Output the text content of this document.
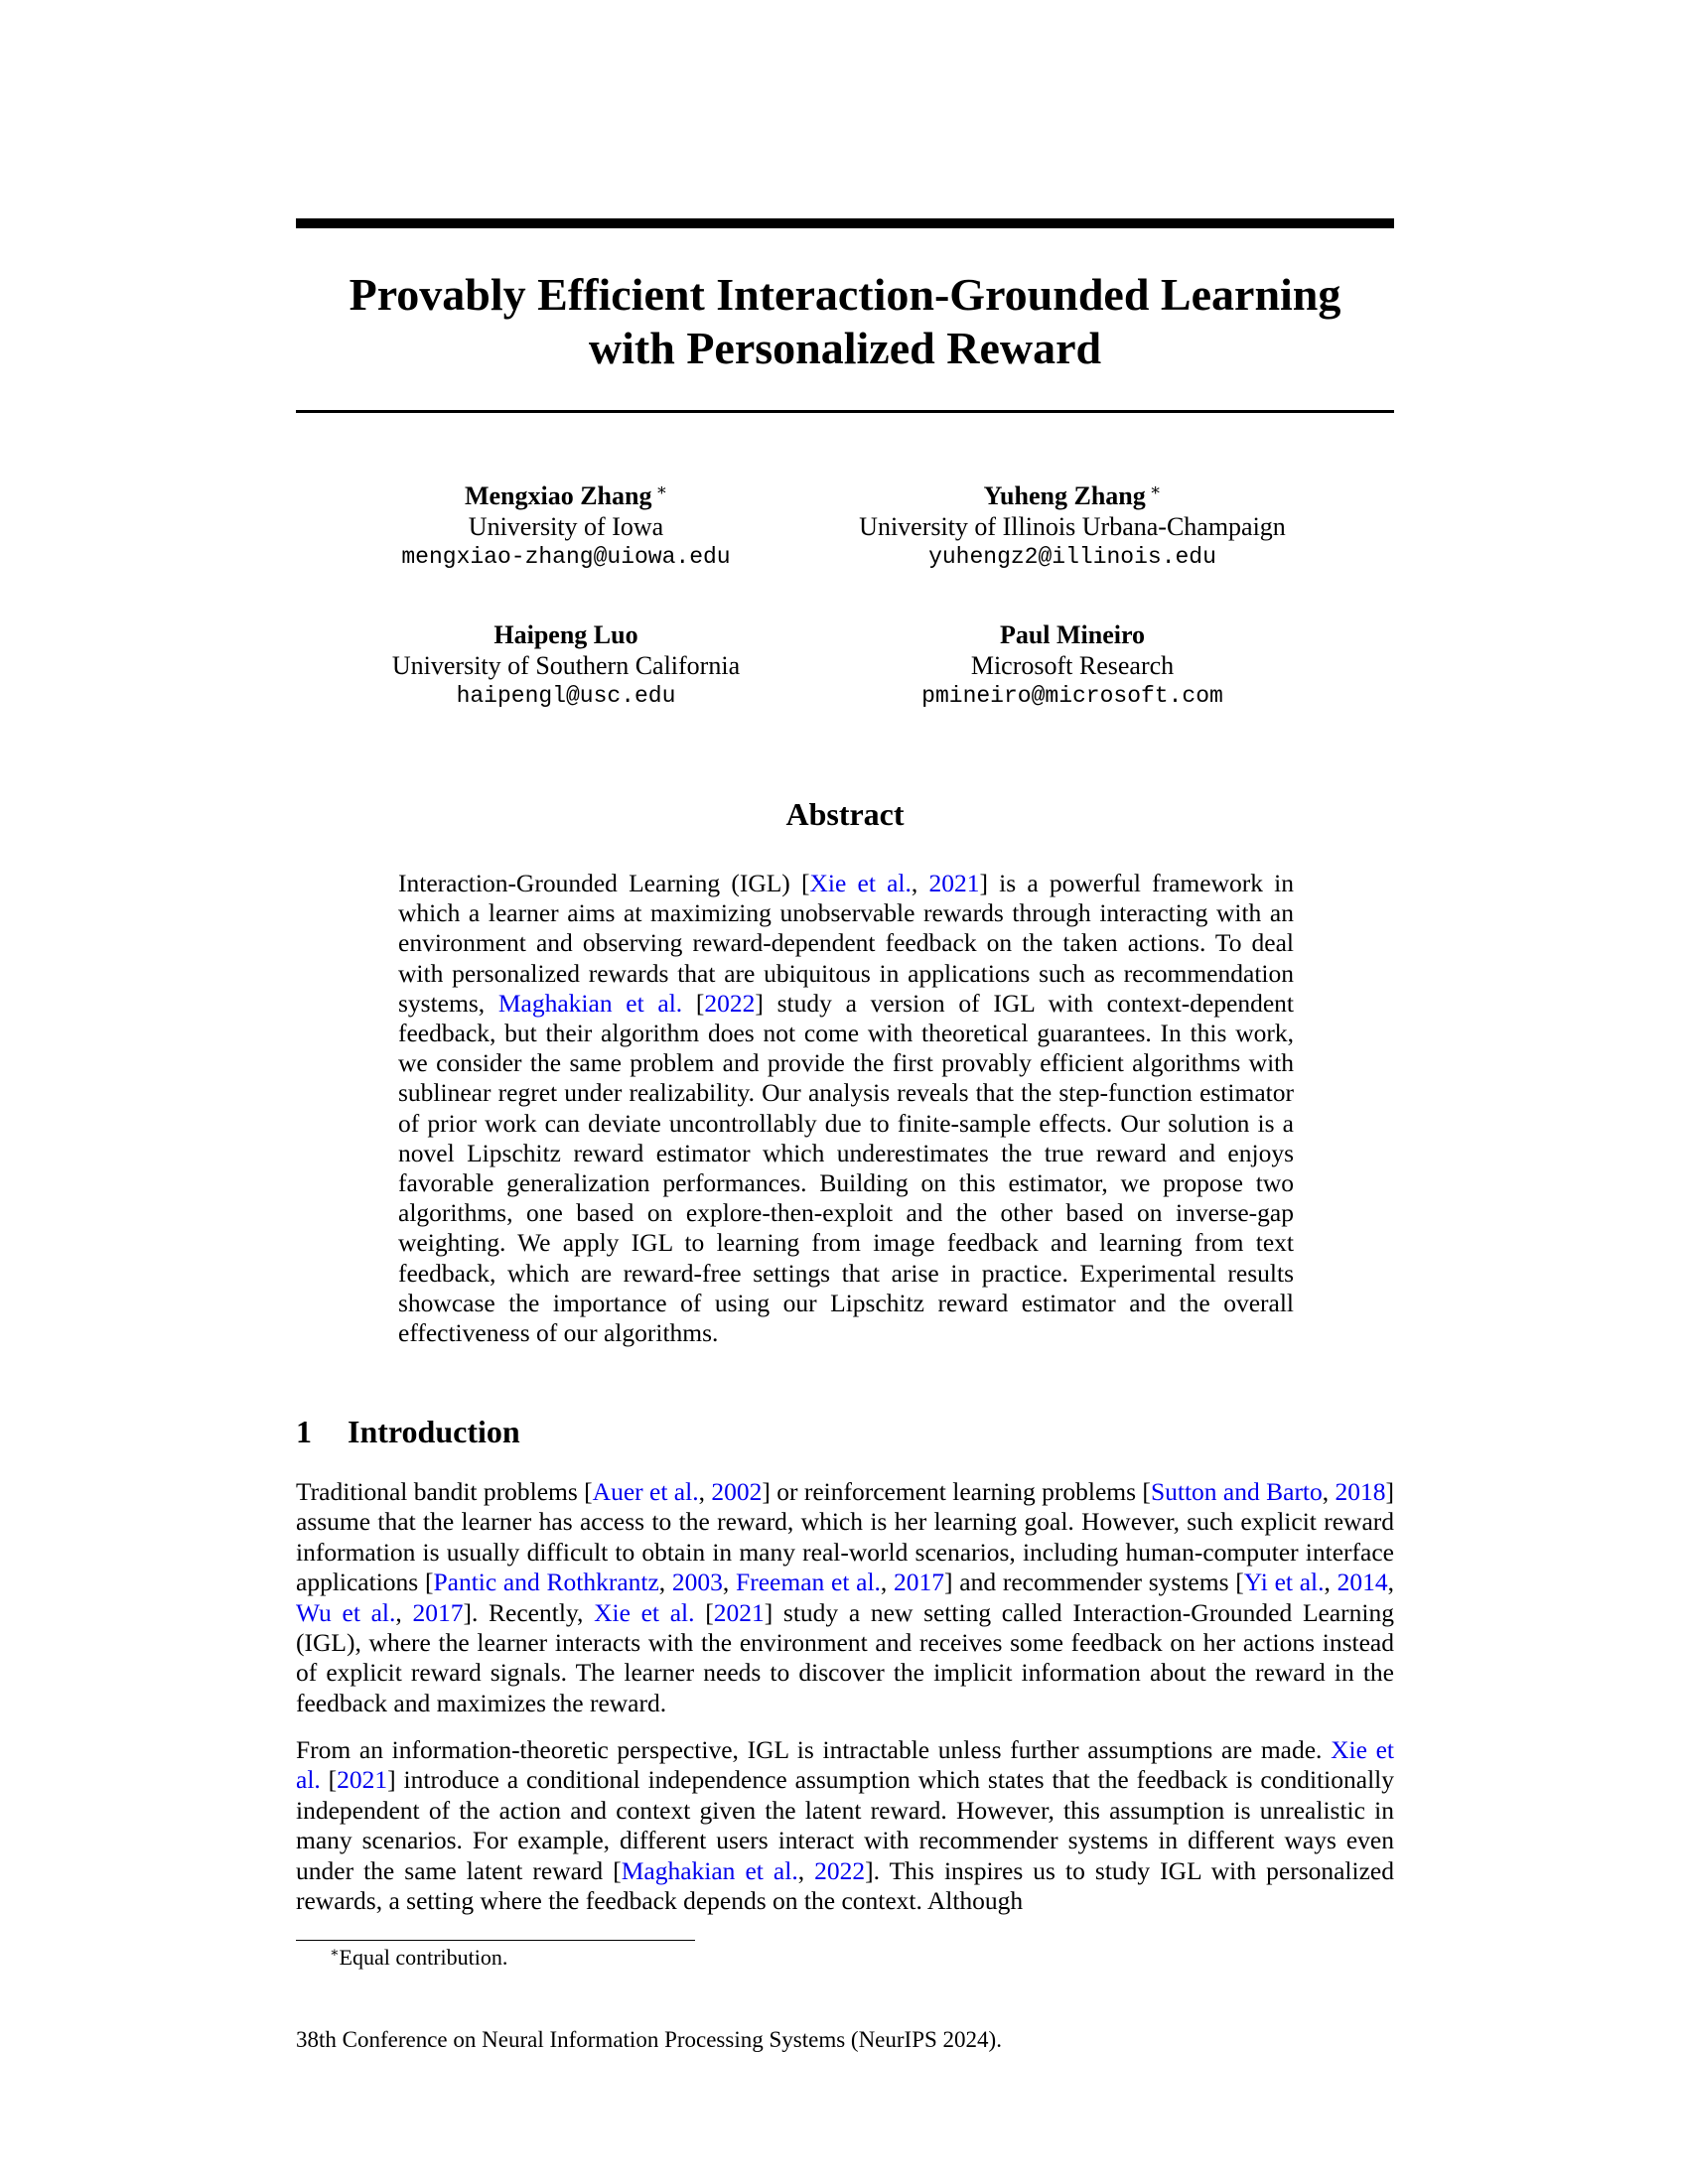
Provably Efficient Interaction-Grounded Learning
with Personalized Reward
Mengxiao Zhang ∗
University of Iowa
mengxiao-zhang@uiowa.edu
Yuheng Zhang ∗
University of Illinois Urbana-Champaign
yuhengz2@illinois.edu
Haipeng Luo
University of Southern California
haipengl@usc.edu
Paul Mineiro
Microsoft Research
pmineiro@microsoft.com
Abstract

Interaction-Grounded Learning (IGL) [Xie et al., 2021] is a powerful framework in which a learner aims at maximizing unobservable rewards through interacting with an environment and observing reward-dependent feedback on the taken actions. To deal with personalized rewards that are ubiquitous in applications such as recommendation systems, Maghakian et al. [2022] study a version of IGL with context-dependent feedback, but their algorithm does not come with theoretical guarantees. In this work, we consider the same problem and provide the first provably efficient algorithms with sublinear regret under realizability. Our analysis reveals that the step-function estimator of prior work can deviate uncontrollably due to finite-sample effects. Our solution is a novel Lipschitz reward estimator which underestimates the true reward and enjoys favorable generalization performances. Building on this estimator, we propose two algorithms, one based on explore-then-exploit and the other based on inverse-gap weighting. We apply IGL to learning from image feedback and learning from text feedback, which are reward-free settings that arise in practice. Experimental results showcase the importance of using our Lipschitz reward estimator and the overall effectiveness of our algorithms.

1 Introduction

Traditional bandit problems [Auer et al., 2002] or reinforcement learning problems [Sutton and Barto, 2018] assume that the learner has access to the reward, which is her learning goal. However, such explicit reward information is usually difficult to obtain in many real-world scenarios, including human-computer interface applications [Pantic and Rothkrantz, 2003, Freeman et al., 2017] and recommender systems [Yi et al., 2014, Wu et al., 2017]. Recently, Xie et al. [2021] study a new setting called Interaction-Grounded Learning (IGL), where the learner interacts with the environment and receives some feedback on her actions instead of explicit reward signals. The learner needs to discover the implicit information about the reward in the feedback and maximizes the reward.

From an information-theoretic perspective, IGL is intractable unless further assumptions are made. Xie et al. [2021] introduce a conditional independence assumption which states that the feedback is conditionally independent of the action and context given the latent reward. However, this assumption is unrealistic in many scenarios. For example, different users interact with recommender systems in different ways even under the same latent reward [Maghakian et al., 2022]. This inspires us to study IGL with personalized rewards, a setting where the feedback depends on the context. Although

∗Equal contribution.
38th Conference on Neural Information Processing Systems (NeurIPS 2024).
